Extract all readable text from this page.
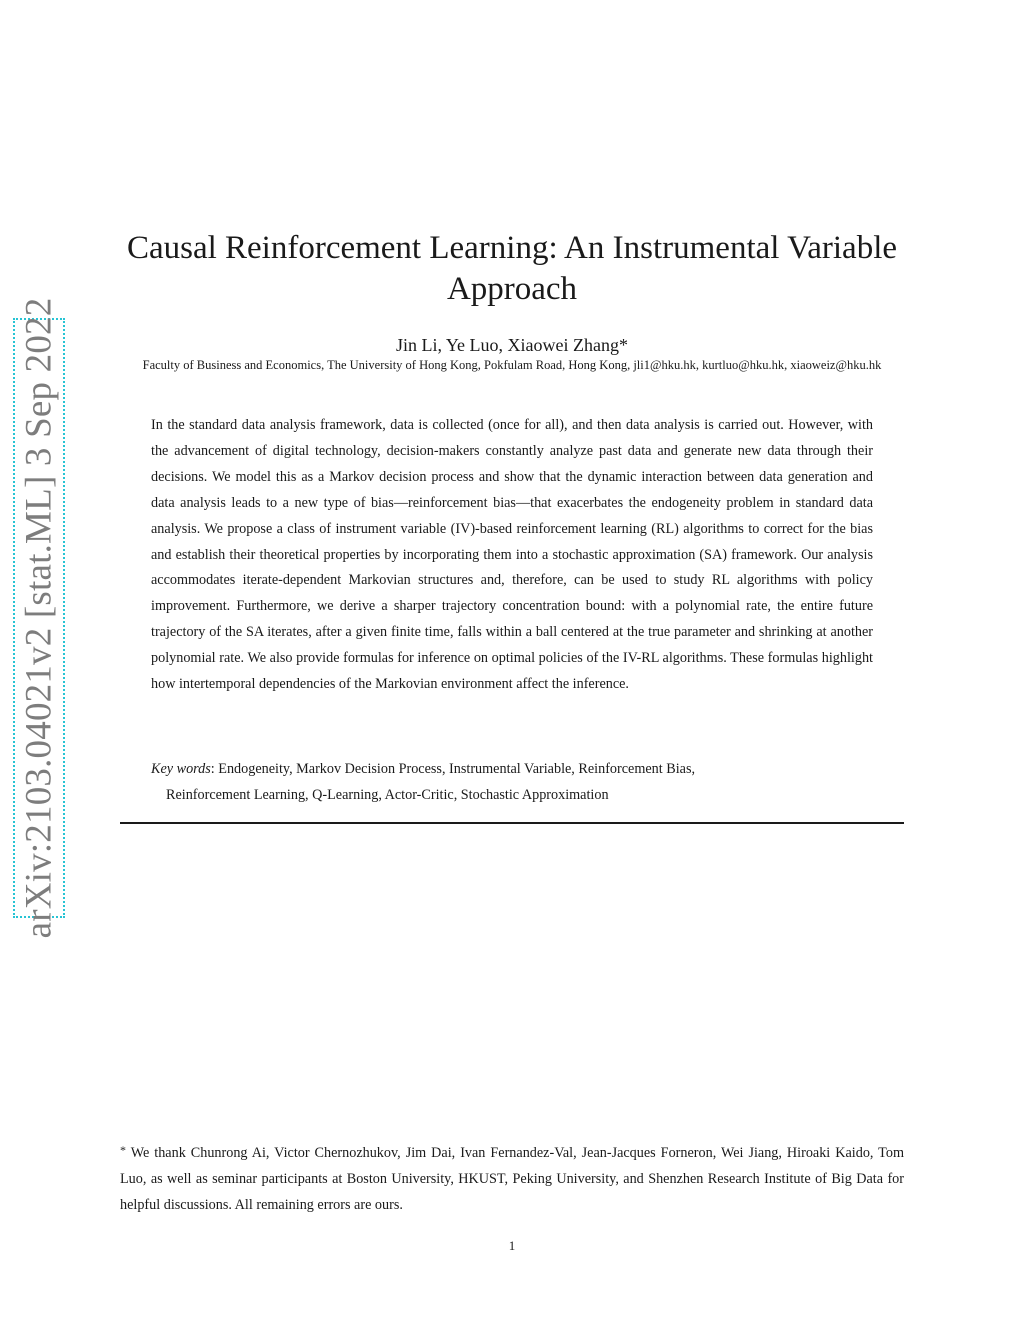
arXiv:2103.04021v2 [stat.ML] 3 Sep 2022
Causal Reinforcement Learning: An Instrumental Variable Approach
Jin Li, Ye Luo, Xiaowei Zhang*
Faculty of Business and Economics, The University of Hong Kong, Pokfulam Road, Hong Kong, jli1@hku.hk, kurtluo@hku.hk, xiaoweiz@hku.hk

In the standard data analysis framework, data is collected (once for all), and then data analysis is carried out. However, with the advancement of digital technology, decision-makers constantly analyze past data and generate new data through their decisions. We model this as a Markov decision process and show that the dynamic interaction between data generation and data analysis leads to a new type of bias—reinforcement bias—that exacerbates the endogeneity problem in standard data analysis. We propose a class of instrument variable (IV)-based reinforcement learning (RL) algorithms to correct for the bias and establish their theoretical properties by incorporating them into a stochastic approximation (SA) framework. Our analysis accommodates iterate-dependent Markovian structures and, therefore, can be used to study RL algorithms with policy improvement. Furthermore, we derive a sharper trajectory concentration bound: with a polynomial rate, the entire future trajectory of the SA iterates, after a given finite time, falls within a ball centered at the true parameter and shrinking at another polynomial rate. We also provide formulas for inference on optimal policies of the IV-RL algorithms. These formulas highlight how intertemporal dependencies of the Markovian environment affect the inference.

Key words: Endogeneity, Markov Decision Process, Instrumental Variable, Reinforcement Bias,
Reinforcement Learning, Q-Learning, Actor-Critic, Stochastic Approximation
* We thank Chunrong Ai, Victor Chernozhukov, Jim Dai, Ivan Fernandez-Val, Jean-Jacques Forneron, Wei Jiang, Hiroaki Kaido, Tom Luo, as well as seminar participants at Boston University, HKUST, Peking University, and Shenzhen Research Institute of Big Data for helpful discussions. All remaining errors are ours.
1
